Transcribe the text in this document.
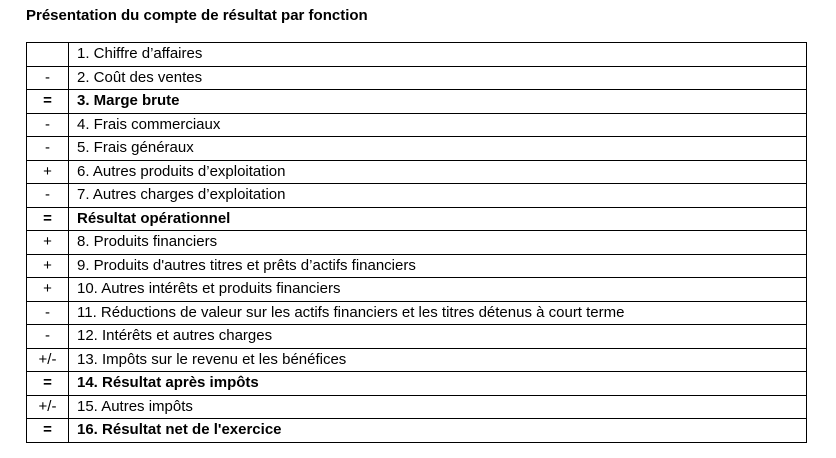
Présentation du compte de résultat par fonction
	1. Chiffre d’affaires
-	2. Coût des ventes
=	3. Marge brute
-	4. Frais commerciaux
-	5. Frais généraux
+	6. Autres produits d’exploitation
-	7. Autres charges d’exploitation
=	Résultat opérationnel
+	8. Produits financiers
+	9. Produits d'autres titres et prêts d’actifs financiers
+	10. Autres intérêts et produits financiers
-	11. Réductions de valeur sur les actifs financiers et les titres détenus à court terme
-	12. Intérêts et autres charges
+/-	13. Impôts sur le revenu et les bénéfices
=	14. Résultat après impôts
+/-	15. Autres impôts
=	16. Résultat net de l'exercice
